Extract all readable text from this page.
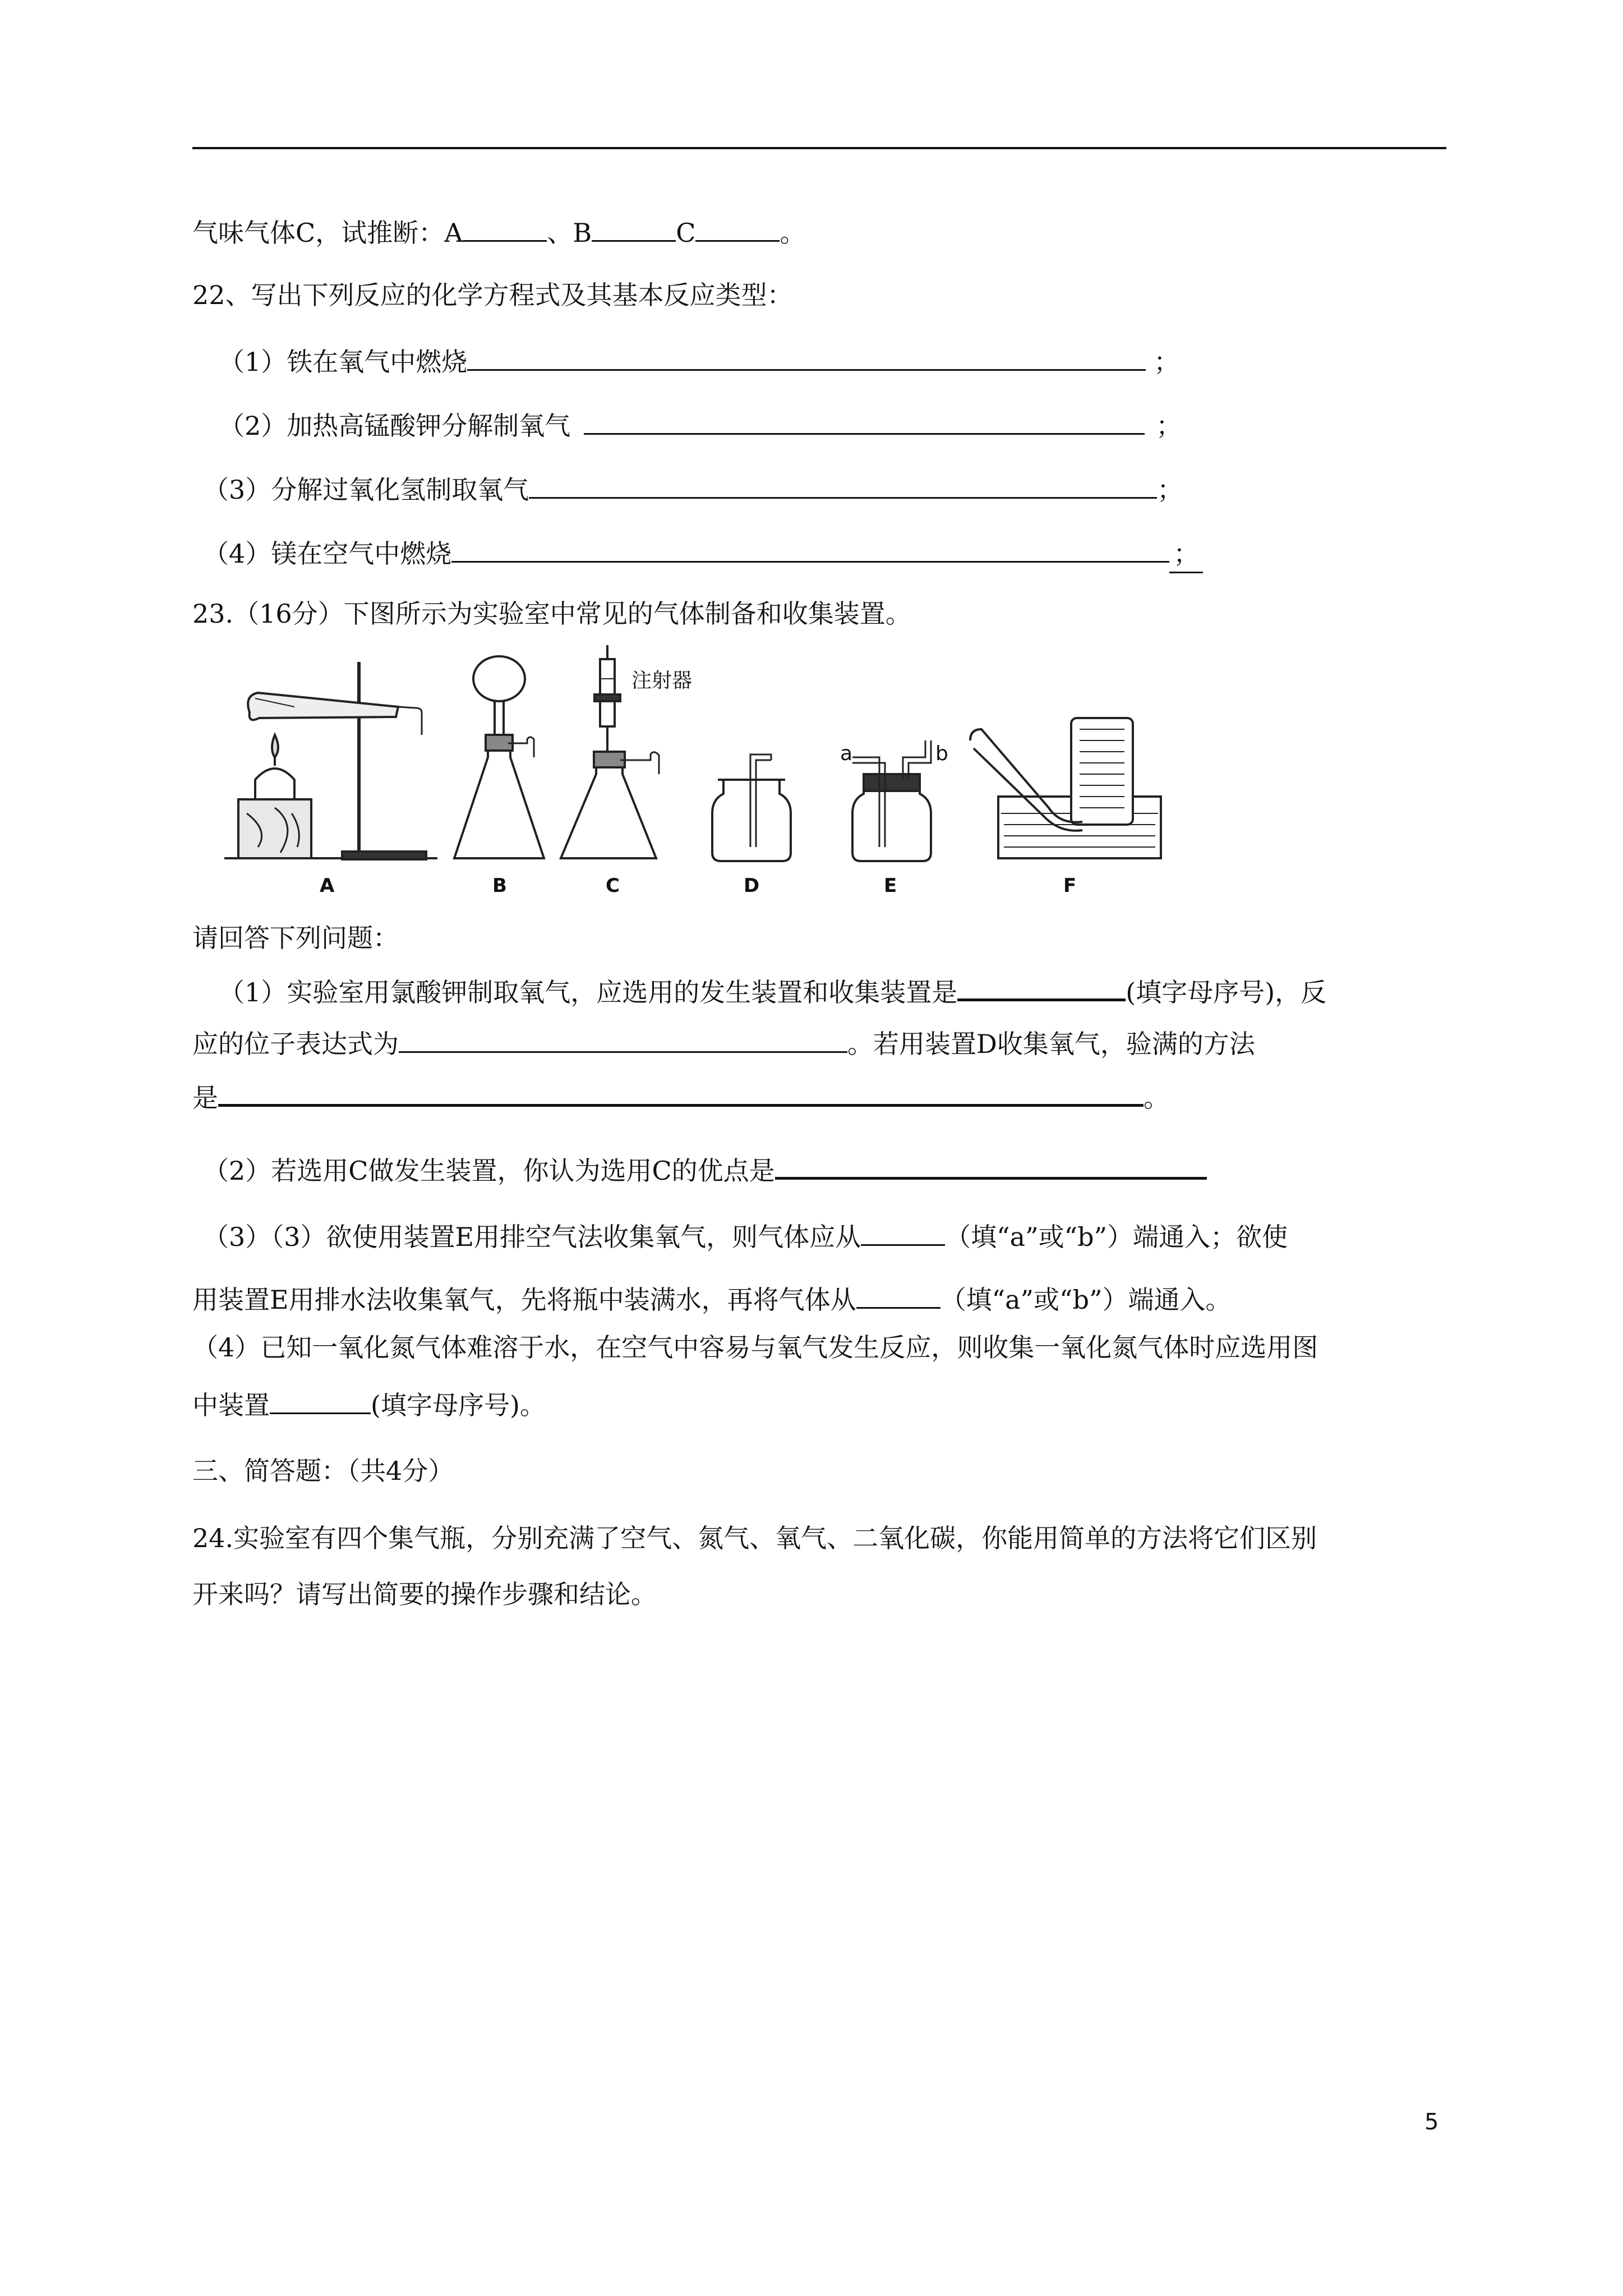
气味气体C，试推断：A	、B	C	。
22、写出下列反应的化学方程式及其基本反应类型：
（1）铁在氧气中燃烧	；
（2）加热高锰酸钾分解制氧气	；
（3）分解过氧化氢制取氧气	；
（4）镁在空气中燃烧	；
23.（16分）下图所示为实验室中常见的气体制备和收集装置。
注射器
a	b
A	B	C	D	E	F
请回答下列问题：
（1）实验室用氯酸钾制取氧气，应选用的发生装置和收集装置是	(填字母序号)，反
应的位子表达式为	。若用装置D收集氧气，验满的方法
是	。
（2）若选用C做发生装置，你认为选用C的优点是
（3）（3）欲使用装置E用排空气法收集氧气，则气体应从	（填“a”或“b”）端通入；欲使
用装置E用排水法收集氧气，先将瓶中装满水，再将气体从	（填“a”或“b”）端通入。
（4）已知一氧化氮气体难溶于水，在空气中容易与氧气发生反应，则收集一氧化氮气体时应选用图
中装置	(填字母序号)。
三、简答题：（共4分）
24.实验室有四个集气瓶，分别充满了空气、氮气、氧气、二氧化碳，你能用简单的方法将它们区别
开来吗？请写出简要的操作步骤和结论。
5
